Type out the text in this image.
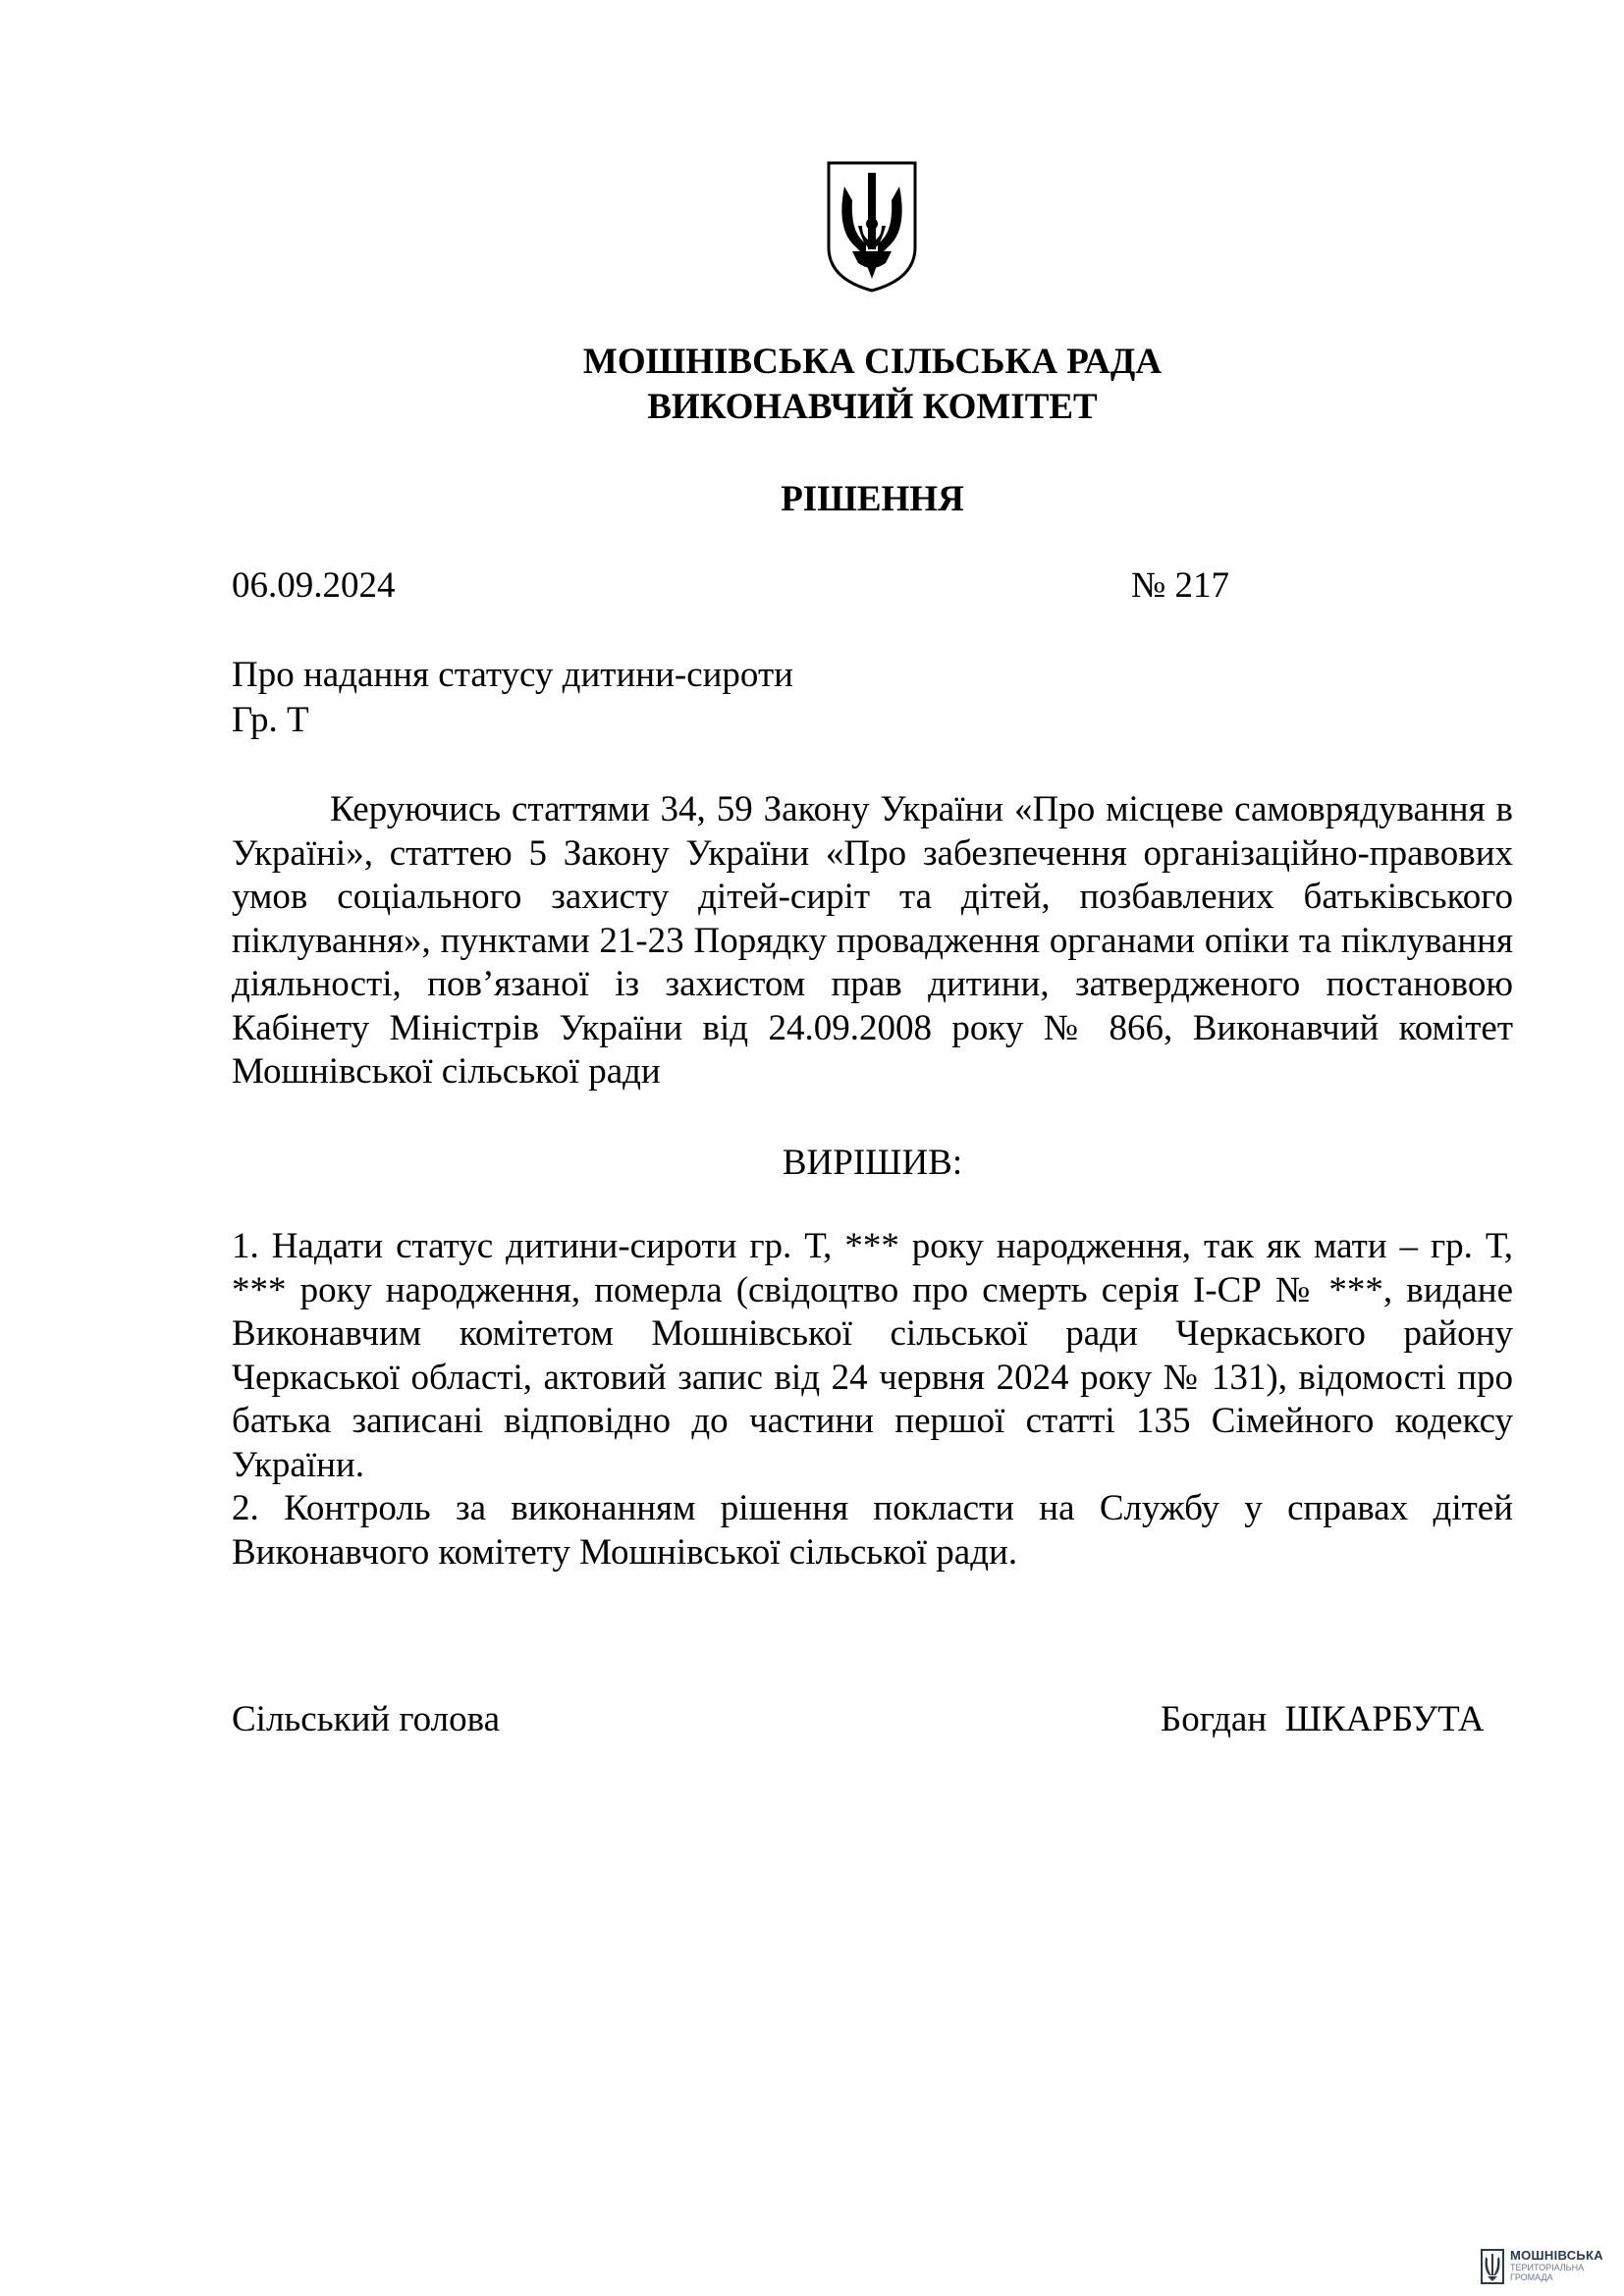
МОШНІВСЬКА СІЛЬСЬКА РАДА
ВИКОНАВЧИЙ КОМІТЕТ
РІШЕННЯ
06.09.2024	№ 217
Про надання статусу дитини-сироти
Гр. Т
Керуючись статтями 34, 59 Закону України «Про місцеве самоврядування в Україні», статтею 5 Закону України «Про забезпечення організаційно-правових умов соціального захисту дітей-сиріт та дітей, позбавлених батьківського піклування», пунктами 21-23 Порядку провадження органами опіки та піклування діяльності, пов’язаної із захистом прав дитини, затвердженого постановою Кабінету Міністрів України від 24.09.2008 року № 866, Виконавчий комітет Мошнівської сільської ради
ВИРІШИВ:

1. Надати статус дитини-сироти гр. Т, *** року народження, так як мати – гр. Т, *** року народження, померла (свідоцтво про смерть серія І-СР № ***, видане Виконавчим комітетом Мошнівської сільської ради Черкаського району Черкаської області, актовий запис від 24 червня 2024 року № 131), відомості про батька записані відповідно до частини першої статті 135 Сімейного кодексу України.

2. Контроль за виконанням рішення покласти на Службу у справах дітей Виконавчого комітету Мошнівської сільської ради.

Сільський голова	Богдан  ШКАРБУТА
МОШНІВСЬКА
ТЕРИТОРІАЛЬНА ГРОМАДА
